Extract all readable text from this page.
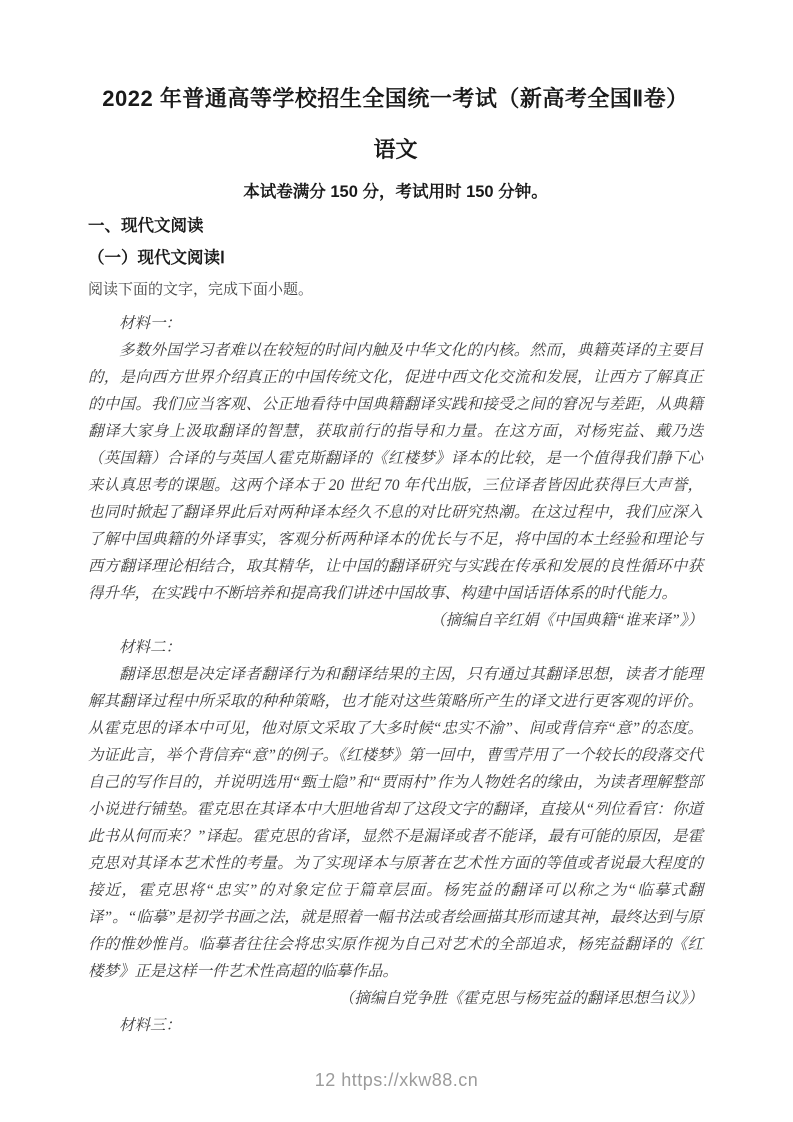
2022 年普通高等学校招生全国统一考试（新高考全国Ⅱ卷）
语文
本试卷满分 150 分，考试用时 150 分钟。
一、现代文阅读
（一）现代文阅读Ⅰ
阅读下面的文字，完成下面小题。
材料一：

多数外国学习者难以在较短的时间内触及中华文化的内核。然而，典籍英译的主要目的，是向西方世界介绍真正的中国传统文化，促进中西文化交流和发展，让西方了解真正的中国。我们应当客观、公正地看待中国典籍翻译实践和接受之间的窘况与差距，从典籍翻译大家身上汲取翻译的智慧，获取前行的指导和力量。在这方面，对杨宪益、戴乃迭（英国籍）合译的与英国人霍克斯翻译的《红楼梦》译本的比较，是一个值得我们静下心来认真思考的课题。这两个译本于 20 世纪 70 年代出版，三位译者皆因此获得巨大声誉，也同时掀起了翻译界此后对两种译本经久不息的对比研究热潮。在这过程中，我们应深入了解中国典籍的外译事实，客观分析两种译本的优长与不足，将中国的本土经验和理论与西方翻译理论相结合，取其精华，让中国的翻译研究与实践在传承和发展的良性循环中获得升华，在实践中不断培养和提高我们讲述中国故事、构建中国话语体系的时代能力。

（摘编自辛红娟《中国典籍“谁来译”》）
材料二：

翻译思想是决定译者翻译行为和翻译结果的主因，只有通过其翻译思想，读者才能理解其翻译过程中所采取的种种策略，也才能对这些策略所产生的译文进行更客观的评价。从霍克思的译本中可见，他对原文采取了大多时候“忠实不渝”、间或背信弃“意”的态度。为证此言，举个背信弃“意”的例子。《红楼梦》第一回中，曹雪芹用了一个较长的段落交代自己的写作目的，并说明选用“甄士隐”和“贾雨村”作为人物姓名的缘由，为读者理解整部小说进行铺垫。霍克思在其译本中大胆地省却了这段文字的翻译，直接从“列位看官：你道此书从何而来？”译起。霍克思的省译，显然不是漏译或者不能译，最有可能的原因，是霍克思对其译本艺术性的考量。为了实现译本与原著在艺术性方面的等值或者说最大程度的接近，霍克思将“忠实”的对象定位于篇章层面。杨宪益的翻译可以称之为“临摹式翻译”。“临摹”是初学书画之法，就是照着一幅书法或者绘画描其形而逮其神，最终达到与原作的惟妙惟肖。临摹者往往会将忠实原作视为自己对艺术的全部追求，杨宪益翻译的《红楼梦》正是这样一件艺术性高超的临摹作品。

（摘编自党争胜《霍克思与杨宪益的翻译思想刍议》）
材料三：
12 https://xkw88.cn
